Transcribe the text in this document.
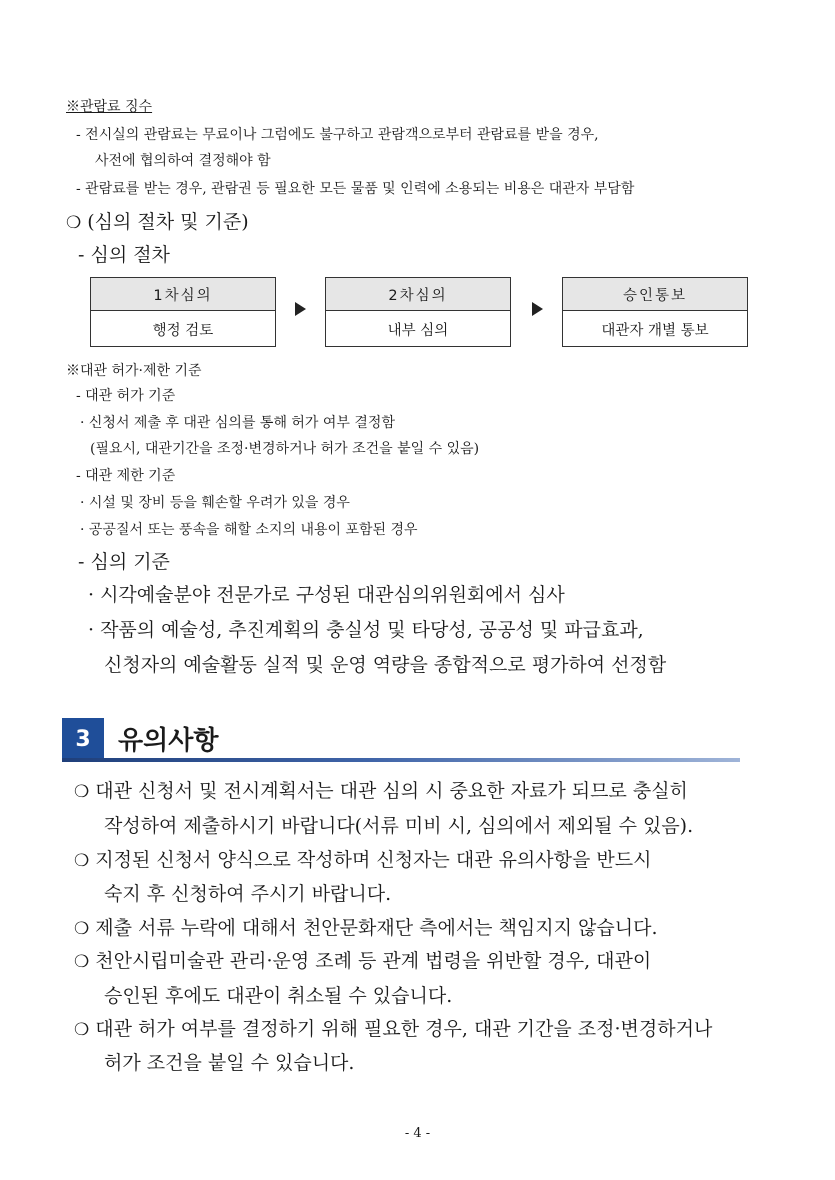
※관람료 징수
- 전시실의 관람료는 무료이나 그럼에도 불구하고 관람객으로부터 관람료를 받을 경우,
사전에 협의하여 결정해야 함
- 관람료를 받는 경우, 관람권 등 필요한 모든 물품 및 인력에 소용되는 비용은 대관자 부담함
❍ (심의 절차 및 기준)
- 심의 절차
1차심의
행정 검토
2차심의
내부 심의
승인통보
대관자 개별 통보
※대관 허가·제한 기준
- 대관 허가 기준
· 신청서 제출 후 대관 심의를 통해 허가 여부 결정함
(필요시, 대관기간을 조정·변경하거나 허가 조건을 붙일 수 있음)
- 대관 제한 기준
· 시설 및 장비 등을 훼손할 우려가 있을 경우
· 공공질서 또는 풍속을 해할 소지의 내용이 포함된 경우
- 심의 기준
· 시각예술분야 전문가로 구성된 대관심의위원회에서 심사
· 작품의 예술성, 추진계획의 충실성 및 타당성, 공공성 및 파급효과,
신청자의 예술활동 실적 및 운영 역량을 종합적으로 평가하여 선정함
3	유의사항
❍ 대관 신청서 및 전시계획서는 대관 심의 시 중요한 자료가 되므로 충실히
작성하여 제출하시기 바랍니다(서류 미비 시, 심의에서 제외될 수 있음).
❍ 지정된 신청서 양식으로 작성하며 신청자는 대관 유의사항을 반드시
숙지 후 신청하여 주시기 바랍니다.
❍ 제출 서류 누락에 대해서 천안문화재단 측에서는 책임지지 않습니다.
❍ 천안시립미술관 관리·운영 조례 등 관계 법령을 위반할 경우, 대관이
승인된 후에도 대관이 취소될 수 있습니다.
❍ 대관 허가 여부를 결정하기 위해 필요한 경우, 대관 기간을 조정·변경하거나
허가 조건을 붙일 수 있습니다.
- 4 -
